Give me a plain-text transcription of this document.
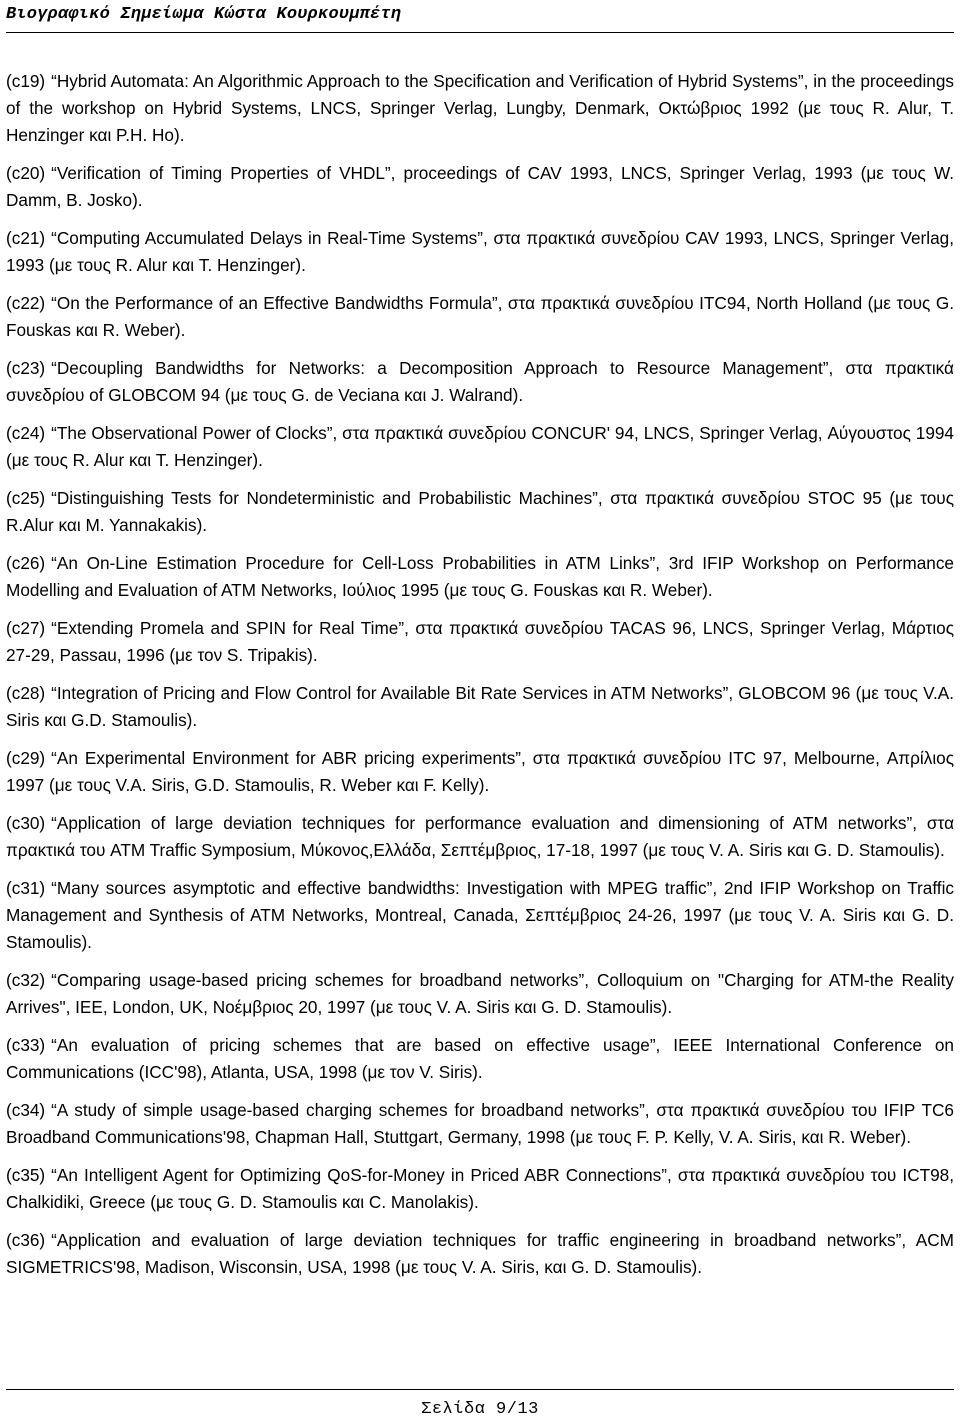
Βιογραφικό Σημείωμα Κώστα Κουρκουμπέτη

(c19) “Hybrid Automata: An Algorithmic Approach to the Specification and Verification of Hybrid Systems”, in the proceedings of the workshop on Hybrid Systems, LNCS, Springer Verlag, Lungby, Denmark, Οκτώβριος 1992 (με τους R. Alur, T. Henzinger και P.H. Ho).

(c20) “Verification of Timing Properties of VHDL”, proceedings of CAV 1993, LNCS, Springer Verlag, 1993 (με τους W. Damm, B. Josko).

(c21) “Computing Accumulated Delays in Real-Time Systems”, στα πρακτικά συνεδρίου CAV 1993, LNCS, Springer Verlag, 1993 (με τους R. Alur και T. Henzinger).

(c22) “On the Performance of an Effective Bandwidths Formula”, στα πρακτικά συνεδρίου ITC94, North Holland (με τους G. Fouskas και R. Weber).

(c23) “Decoupling Bandwidths for Networks: a Decomposition Approach to Resource Management”, στα πρακτικά συνεδρίου of GLOBCOM 94 (με τους G. de Veciana και J. Walrand).

(c24) “The Observational Power of Clocks”, στα πρακτικά συνεδρίου CONCUR' 94, LNCS, Springer Verlag, Αύγουστος 1994 (με τους R. Alur και T. Henzinger).

(c25) “Distinguishing Tests for Nondeterministic and Probabilistic Machines”, στα πρακτικά συνεδρίου STOC 95 (με τους R.Alur και M. Yannakakis).

(c26) “An On-Line Estimation Procedure for Cell-Loss Probabilities in ATM Links”, 3rd IFIP Workshop on Performance Modelling and Evaluation of ATM Networks, Ιούλιος 1995 (με τους G. Fouskas και R. Weber).

(c27) “Extending Promela and SPIN for Real Time”, στα πρακτικά συνεδρίου TACAS 96, LNCS, Springer Verlag, Μάρτιος 27-29, Passau, 1996 (με τον S. Tripakis).

(c28) “Integration of Pricing and Flow Control for Available Bit Rate Services in ATM Networks”, GLOBCOM 96 (με τους V.A. Siris και G.D. Stamoulis).

(c29) “An Experimental Environment for ABR pricing experiments”, στα πρακτικά συνεδρίου ITC 97, Melbourne, Απρίλιος 1997 (με τους V.A. Siris, G.D. Stamoulis, R. Weber και F. Kelly).

(c30) “Application of large deviation techniques for performance evaluation and dimensioning of ATM networks”, στα πρακτικά του ATM Traffic Symposium, Μύκονος,Ελλάδα, Σεπτέμβριος, 17-18, 1997 (με τους V. A. Siris και G. D. Stamoulis).

(c31) “Many sources asymptotic and effective bandwidths: Investigation with MPEG traffic”, 2nd IFIP Workshop on Traffic Management and Synthesis of ATM Networks, Montreal, Canada, Σεπτέμβριος 24-26, 1997 (με τους V. A. Siris και G. D. Stamoulis).

(c32) “Comparing usage-based pricing schemes for broadband networks”, Colloquium on "Charging for ATM-the Reality Arrives", IEE, London, UK, Νοέμβριος 20, 1997 (με τους V. A. Siris και G. D. Stamoulis).

(c33) “An evaluation of pricing schemes that are based on effective usage”, IEEE International Conference on Communications (ICC'98), Atlanta, USA, 1998 (με τον V. Siris).

(c34) “A study of simple usage-based charging schemes for broadband networks”, στα πρακτικά συνεδρίου του IFIP TC6 Broadband Communications'98, Chapman Hall, Stuttgart, Germany, 1998 (με τους F. P. Kelly, V. A. Siris, και R. Weber).

(c35) “An Intelligent Agent for Optimizing QoS-for-Money in Priced ABR Connections”, στα πρακτικά συνεδρίου του ICT98, Chalkidiki, Greece (με τους G. D. Stamoulis και C. Manolakis).

(c36) “Application and evaluation of large deviation techniques for traffic engineering in broadband networks”, ACM SIGMETRICS'98, Madison, Wisconsin, USA, 1998 (με τους V. A. Siris, και G. D. Stamoulis).

Σελίδα 9/13
